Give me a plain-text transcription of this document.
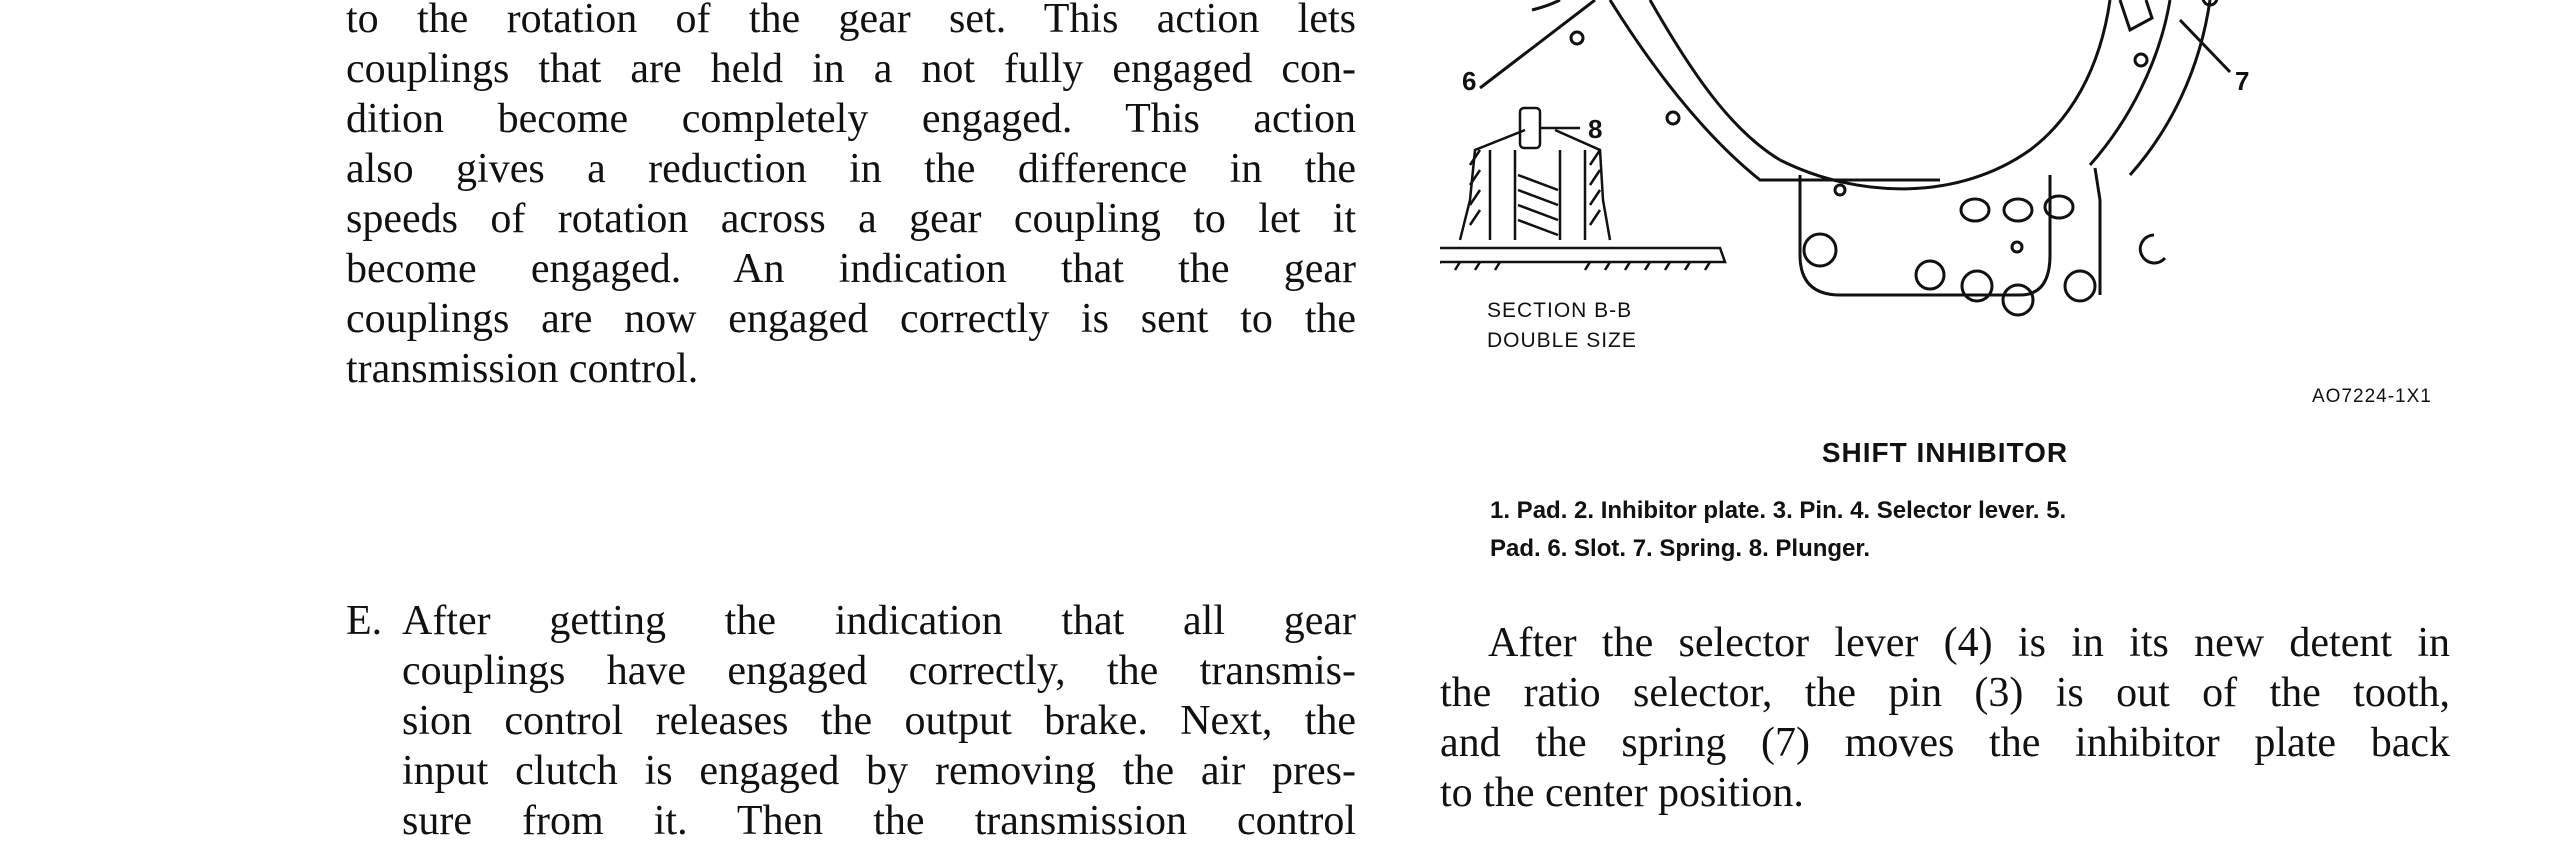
to the rotation of the gear set. This action lets
couplings that are held in a not fully engaged con-
dition become completely engaged. This action
also gives a reduction in the difference in the
speeds of rotation across a gear coupling to let it
become engaged. An indication that the gear
couplings are now engaged correctly is sent to the
transmission control.

E. After getting the indication that all gear
couplings have engaged correctly, the transmis-
sion control releases the output brake. Next, the
input clutch is engaged by removing the air pres-
sure from it. Then the transmission control
6	7
8
SECTION B-B
DOUBLE SIZE
AO7224-1X1
SHIFT INHIBITOR
1. Pad. 2. Inhibitor plate. 3. Pin. 4. Selector lever. 5.
Pad. 6. Slot. 7. Spring. 8. Plunger.

After the selector lever (4) is in its new detent in
the ratio selector, the pin (3) is out of the tooth,
and the spring (7) moves the inhibitor plate back
to the center position.
